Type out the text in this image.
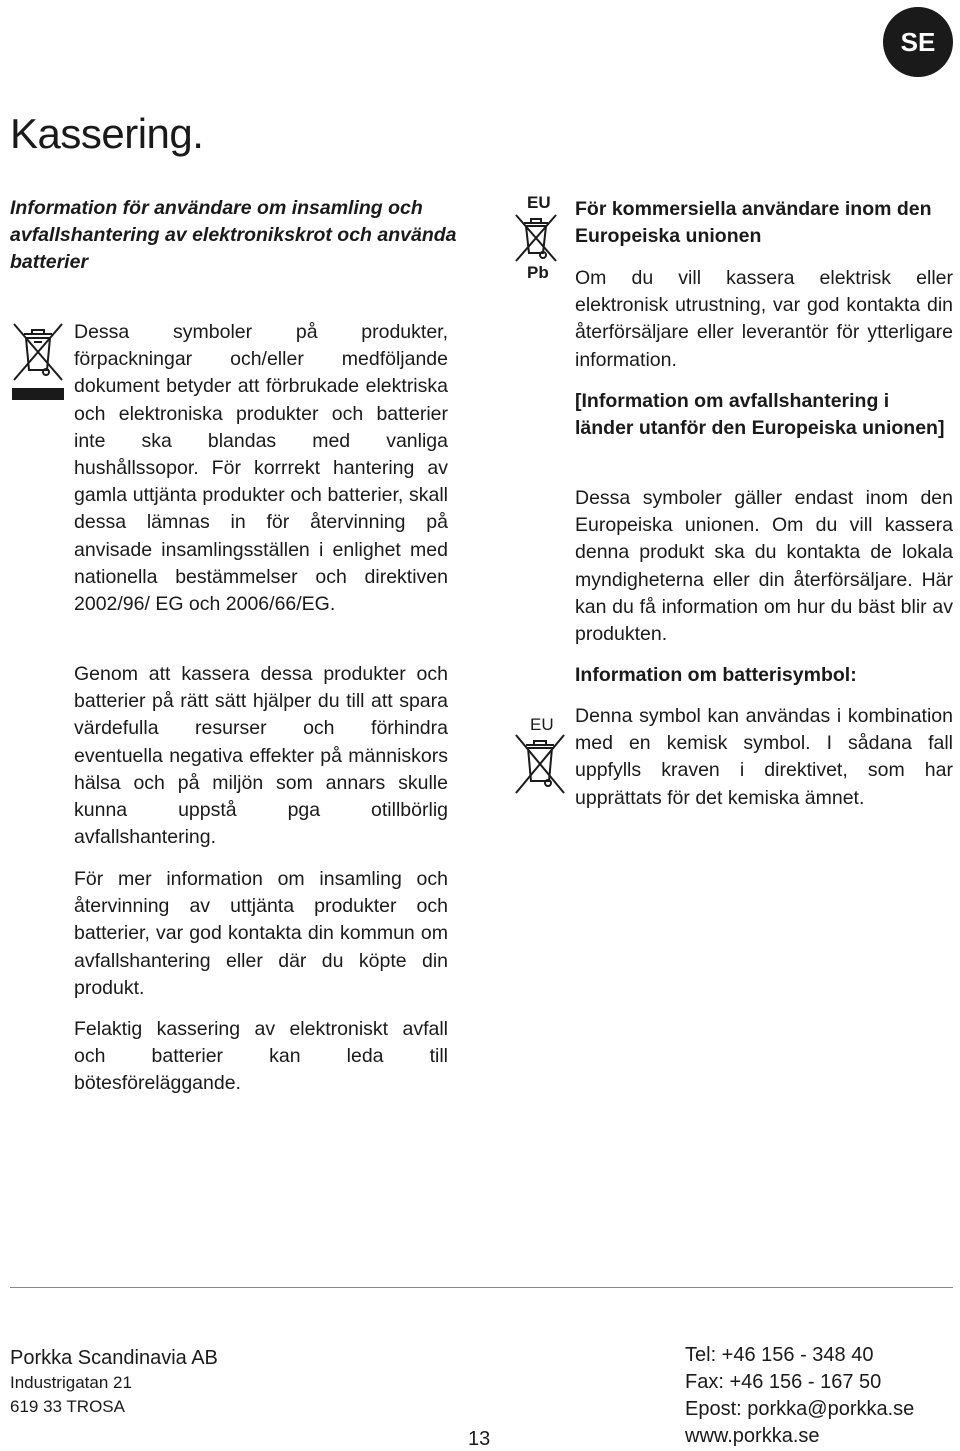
SE
Kassering.
Information för användare om insamling och avfallshantering av elektronikskrot och använda batterier

Dessa symboler på produkter, förpackningar och/eller medföljande dokument betyder att förbrukade elektriska och elektroniska produkter och batterier inte ska blandas med vanliga hushållssopor. För korrrekt hantering av gamla uttjänta produkter och batterier, skall dessa lämnas in för återvinning på anvisade insamlingsställen i enlighet med nationella bestämmelser och direktiven 2002/96/ EG och 2006/66/EG.

Genom att kassera dessa produkter och batterier på rätt sätt hjälper du till att spara värdefulla resurser och förhindra eventuella negativa effekter på människors hälsa och på miljön som annars skulle kunna uppstå pga otillbörlig avfallshantering.

För mer information om insamling och återvinning av uttjänta produkter och batterier, var god kontakta din kommun om avfallshantering eller där du köpte din produkt.

Felaktig kassering av elektroniskt avfall och batterier kan leda till bötesföreläggande.

EU
Pb

För kommersiella användare inom den Europeiska unionen

Om du vill kassera elektrisk eller elektronisk utrustning, var god kontakta din återförsäljare eller leverantör för ytterligare information.

[Information om avfallshantering i länder utanför den Europeiska unionen]

Dessa symboler gäller endast inom den Europeiska unionen. Om du vill kassera denna produkt ska du kontakta de lokala myndigheterna eller din återförsäljare. Här kan du få information om hur du bäst blir av produkten.

Information om batterisymbol:

EU Denna symbol kan användas i kombination med en kemisk symbol. I sådana fall uppfylls kraven i direktivet, som har upprättats för det kemiska ämnet.

Porkka Scandinavia AB
Industrigatan 21
619 33 TROSA
13
Tel: +46 156 - 348 40
Fax: +46 156 - 167 50
Epost: porkka@porkka.se
www.porkka.se
